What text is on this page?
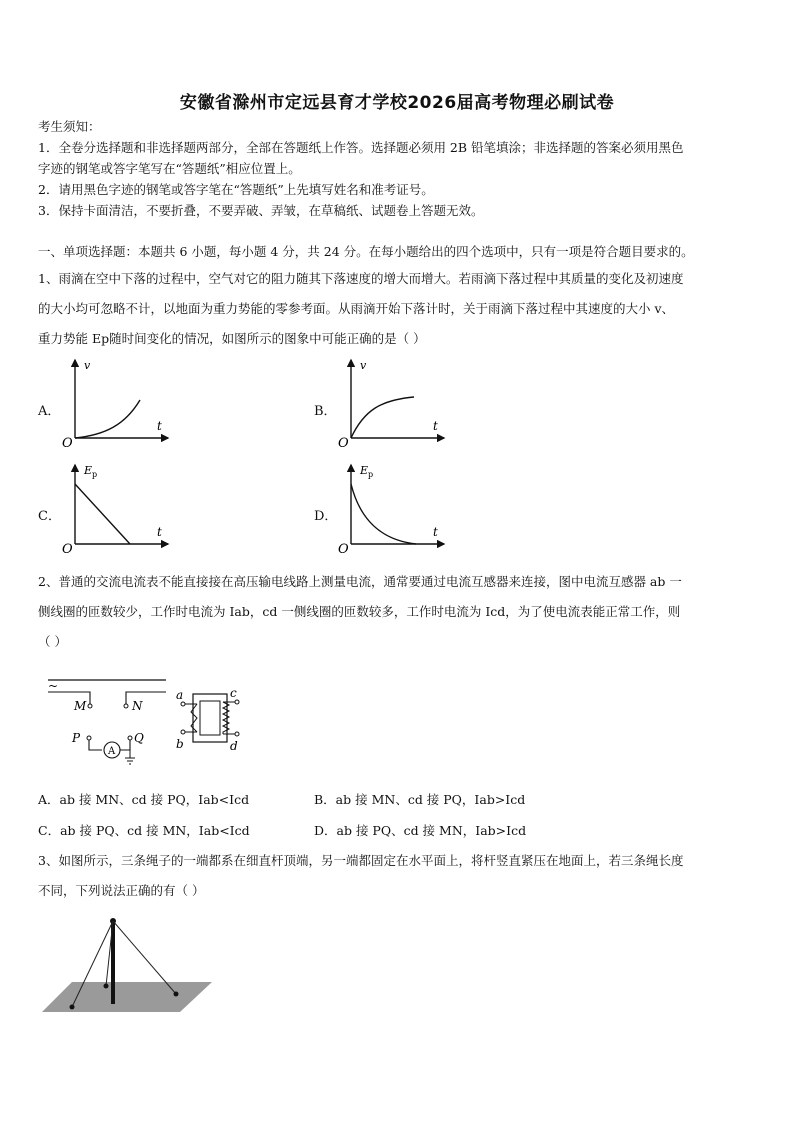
安徽省滁州市定远县育才学校2026届高考物理必刷试卷
考生须知：
1．全卷分选择题和非选择题两部分，全部在答题纸上作答。选择题必须用 2B 铅笔填涂；非选择题的答案必须用黑色
字迹的钢笔或答字笔写在“答题纸”相应位置上。
2．请用黑色字迹的钢笔或答字笔在“答题纸”上先填写姓名和准考证号。
3．保持卡面清洁，不要折叠，不要弄破、弄皱，在草稿纸、试题卷上答题无效。
一、单项选择题：本题共 6 小题，每小题 4 分，共 24 分。在每小题给出的四个选项中，只有一项是符合题目要求的。
1、雨滴在空中下落的过程中，空气对它的阻力随其下落速度的增大而增大。若雨滴下落过程中其质量的变化及初速度
的大小均可忽略不计，以地面为重力势能的零参考面。从雨滴开始下落计时，关于雨滴下落过程中其速度的大小 v、
重力势能 Ep随时间变化的情况，如图所示的图象中可能正确的是（ ）
A．	B．
C．	D．
O
v
t
O
v
t
O
E p
t
O
E p
t
2、普通的交流电流表不能直接接在高压输电线路上测量电流，通常要通过电流互感器来连接，图中电流互感器 ab 一
侧线圈的匝数较少，工作时电流为 Iab，cd 一侧线圈的匝数较多，工作时电流为 Icd，为了使电流表能正常工作，则
（ ）
~
M	N
P
A
Q
a
b
c
d
A．ab 接 MN、cd 接 PQ，Iab<Icd	B．ab 接 MN、cd 接 PQ，Iab>Icd
C．ab 接 PQ、cd 接 MN，Iab<Icd	D．ab 接 PQ、cd 接 MN，Iab>Icd
3、如图所示，三条绳子的一端都系在细直杆顶端，另一端都固定在水平面上，将杆竖直紧压在地面上，若三条绳长度
不同，下列说法正确的有（ ）
